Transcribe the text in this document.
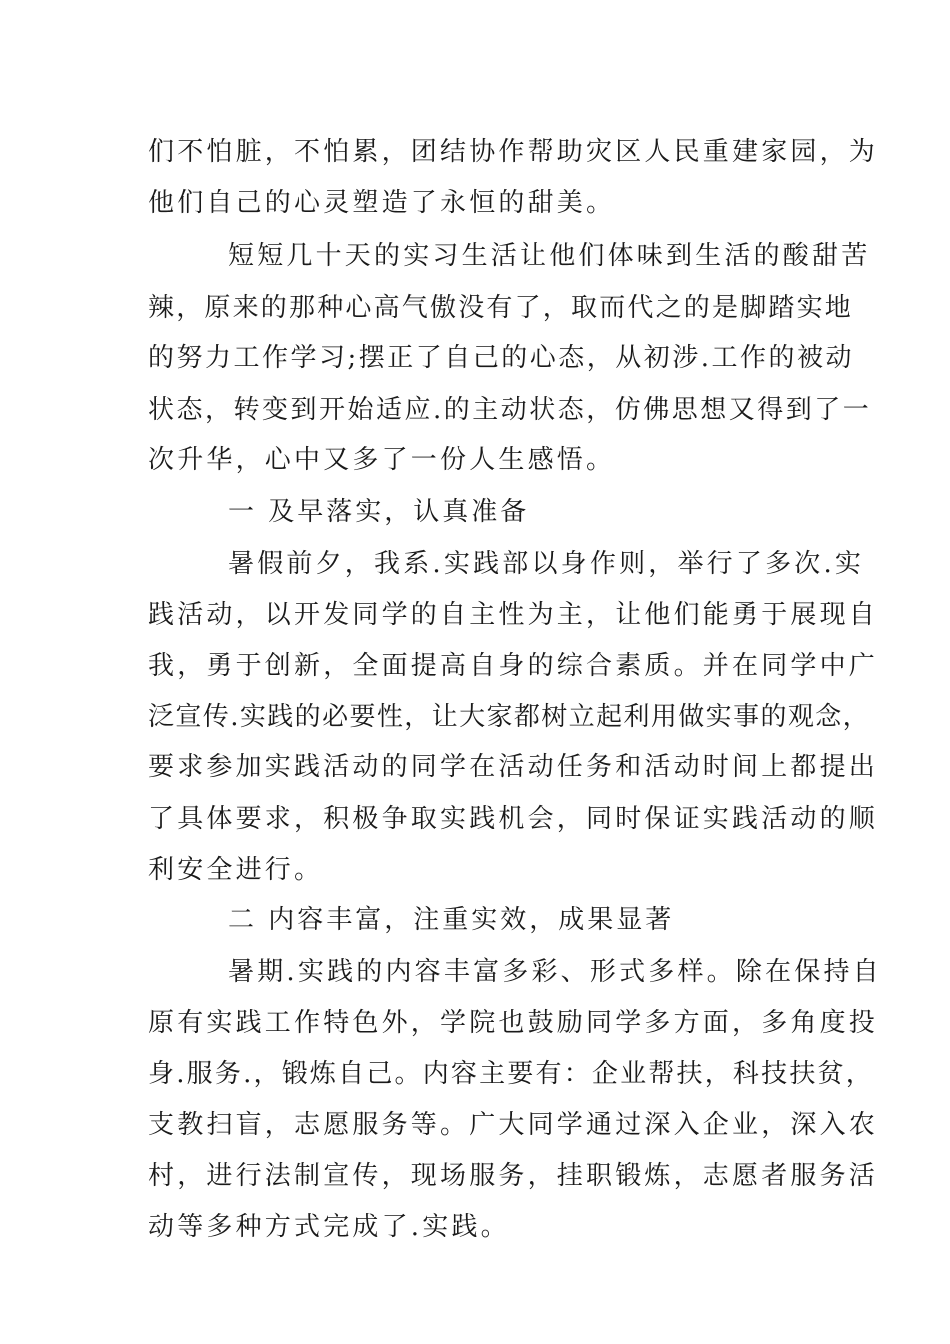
们不怕脏，不怕累，团结协作帮助灾区人民重建家园，为
他们自己的心灵塑造了永恒的甜美。
短短几十天的实习生活让他们体味到生活的酸甜苦
辣，原来的那种心高气傲没有了，取而代之的是脚踏实地
的努力工作学习;摆正了自己的心态，从初涉.工作的被动
状态，转变到开始适应.的主动状态，仿佛思想又得到了一
次升华，心中又多了一份人生感悟。
一 及早落实，认真准备
暑假前夕，我系.实践部以身作则，举行了多次.实
践活动，以开发同学的自主性为主，让他们能勇于展现自
我，勇于创新，全面提高自身的综合素质。并在同学中广
泛宣传.实践的必要性，让大家都树立起利用做实事的观念，
要求参加实践活动的同学在活动任务和活动时间上都提出
了具体要求，积极争取实践机会，同时保证实践活动的顺
利安全进行。
二 内容丰富，注重实效，成果显著
暑期.实践的内容丰富多彩、形式多样。除在保持自
原有实践工作特色外，学院也鼓励同学多方面，多角度投
身.服务.，锻炼自己。内容主要有：企业帮扶，科技扶贫，
支教扫盲，志愿服务等。广大同学通过深入企业，深入农
村，进行法制宣传，现场服务，挂职锻炼，志愿者服务活
动等多种方式完成了.实践。
